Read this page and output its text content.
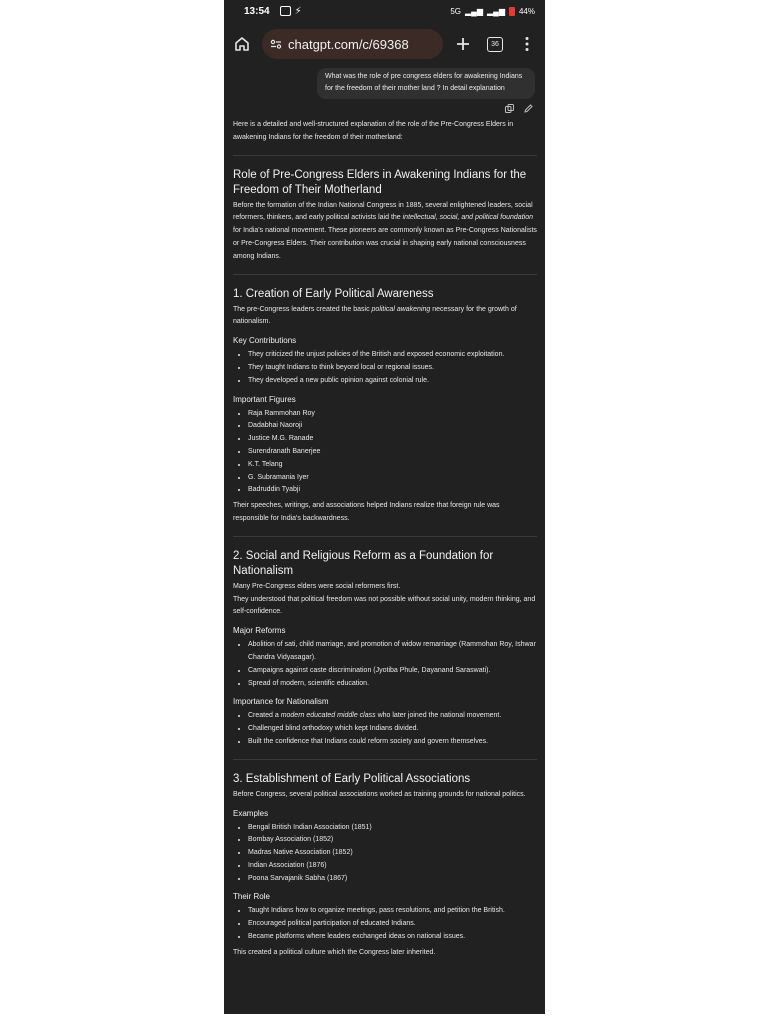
13:54	⚡	5G ▂▄▆ ▂▄▆ 44%
chatgpt.com/c/69368	36
What was the role of pre congress elders for awakening Indians for the freedom of their mother land ? In detail explanation

Here is a detailed and well-structured explanation of the role of the Pre-Congress Elders in awakening Indians for the freedom of their motherland:

Role of Pre-Congress Elders in Awakening Indians for the Freedom of Their Motherland

Before the formation of the Indian National Congress in 1885, several enlightened leaders, social reformers, thinkers, and early political activists laid the intellectual, social, and political foundation for India's national movement. These pioneers are commonly known as Pre-Congress Nationalists or Pre-Congress Elders. Their contribution was crucial in shaping early national consciousness among Indians.

1. Creation of Early Political Awareness

The pre-Congress leaders created the basic political awakening necessary for the growth of nationalism.

Key Contributions
• They criticized the unjust policies of the British and exposed economic exploitation.
• They taught Indians to think beyond local or regional issues.
• They developed a new public opinion against colonial rule.
Important Figures
• Raja Rammohan Roy
• Dadabhai Naoroji
• Justice M.G. Ranade
• Surendranath Banerjee
• K.T. Telang
• G. Subramania Iyer
• Badruddin Tyabji

Their speeches, writings, and associations helped Indians realize that foreign rule was responsible for India's backwardness.

2. Social and Religious Reform as a Foundation for Nationalism

Many Pre-Congress elders were social reformers first.

They understood that political freedom was not possible without social unity, modern thinking, and self-confidence.

Major Reforms
• Abolition of sati, child marriage, and promotion of widow remarriage (Rammohan Roy, Ishwar Chandra Vidyasagar).
• Campaigns against caste discrimination (Jyotiba Phule, Dayanand Saraswati).
• Spread of modern, scientific education.
Importance for Nationalism
• Created a modern educated middle class who later joined the national movement.
• Challenged blind orthodoxy which kept Indians divided.
• Built the confidence that Indians could reform society and govern themselves.
3. Establishment of Early Political Associations

Before Congress, several political associations worked as training grounds for national politics.

Examples
• Bengal British Indian Association (1851)
• Bombay Association (1852)
• Madras Native Association (1852)
• Indian Association (1876)
• Poona Sarvajanik Sabha (1867)
Their Role
• Taught Indians how to organize meetings, pass resolutions, and petition the British.
• Encouraged political participation of educated Indians.
• Became platforms where leaders exchanged ideas on national issues.

This created a political culture which the Congress later inherited.
